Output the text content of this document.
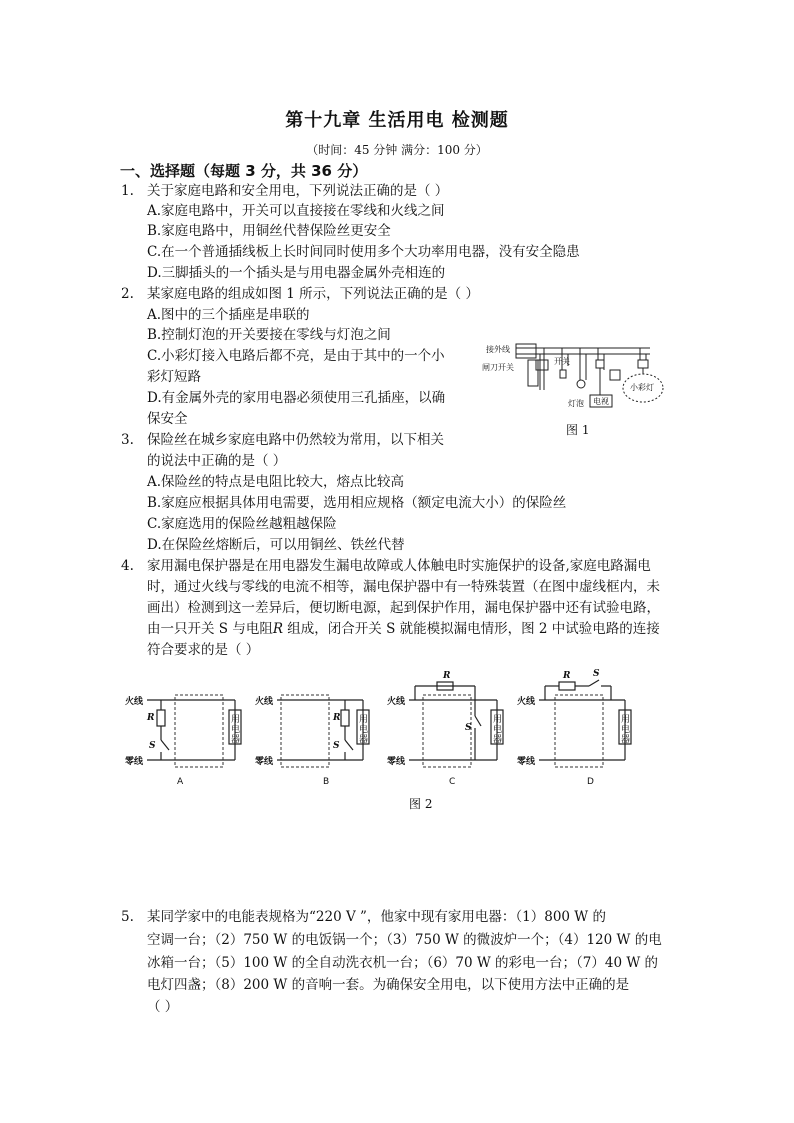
第十九章 生活用电 检测题
（时间：45 分钟 满分：100 分）
一、选择题（每题 3 分，共 36 分）
1. 关于家庭电路和安全用电，下列说法正确的是（ ）
A.家庭电路中，开关可以直接接在零线和火线之间
B.家庭电路中，用铜丝代替保险丝更安全
C.在一个普通插线板上长时间同时使用多个大功率用电器，没有安全隐患
D.三脚插头的一个插头是与用电器金属外壳相连的
2. 某家庭电路的组成如图 1 所示，下列说法正确的是（ ）
A.图中的三个插座是串联的
B.控制灯泡的开关要接在零线与灯泡之间
C.小彩灯接入电路后都不亮，是由于其中的一个小
彩灯短路
D.有金属外壳的家用电器必须使用三孔插座，以确
保安全
接外线
闸刀开关
开关
灯泡 电视
小彩灯
图 1
3. 保险丝在城乡家庭电路中仍然较为常用，以下相关
的说法中正确的是（ ）
A.保险丝的特点是电阻比较大，熔点比较高
B.家庭应根据具体用电需要，选用相应规格（额定电流大小）的保险丝
C.家庭选用的保险丝越粗越保险
D.在保险丝熔断后，可以用铜丝、铁丝代替
4. 家用漏电保护器是在用电器发生漏电故障或人体触电时实施保护的设备,家庭电路漏电
时，通过火线与零线的电流不相等，漏电保护器中有一特殊装置（在图中虚线框内，未
画出）检测到这一差异后，便切断电源，起到保护作用，漏电保护器中还有试验电路，
由一只开关 S 与电阻R 组成，闭合开关 S 就能模拟漏电情形，图 2 中试验电路的连接
符合要求的是（ ）
火线
零线
R
S
用
电
器
A
火线
零线
R
S
用
电
器
B
火线
零线
R
S
用
电
器
C
火线
零线
R	S
用
电
器
D
图 2
5. 某同学家中的电能表规格为“220 V ”，他家中现有家用电器：（1）800 W 的
空调一台；（2）750 W 的电饭锅一个；（3）750 W 的微波炉一个；（4）120 W 的电
冰箱一台；（5）100 W 的全自动洗衣机一台；（6）70 W 的彩电一台；（7）40 W 的
电灯四盏；（8）200 W 的音响一套。为确保安全用电，以下使用方法中正确的是
（ ）
